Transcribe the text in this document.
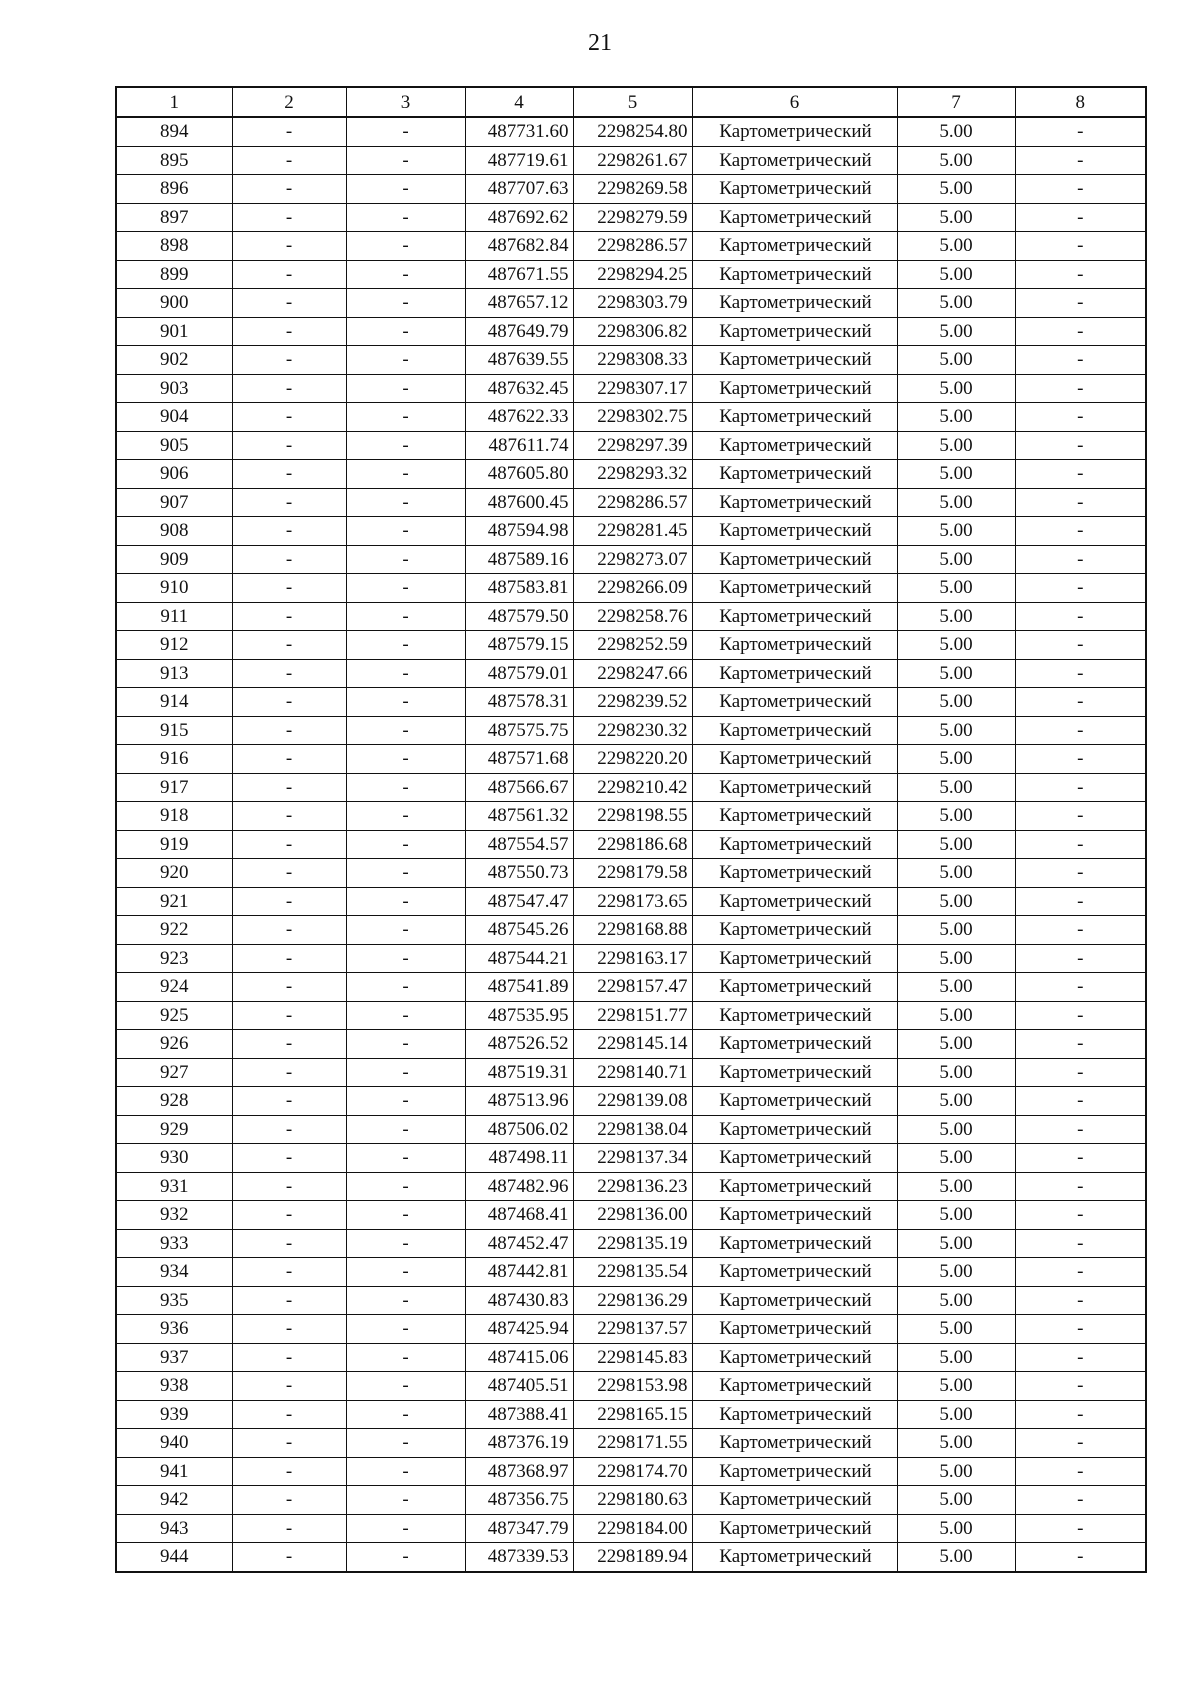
21
1	2	3	4	5	6	7	8
894	-	-	487731.60	2298254.80	Картометрический	5.00	-
895	-	-	487719.61	2298261.67	Картометрический	5.00	-
896	-	-	487707.63	2298269.58	Картометрический	5.00	-
897	-	-	487692.62	2298279.59	Картометрический	5.00	-
898	-	-	487682.84	2298286.57	Картометрический	5.00	-
899	-	-	487671.55	2298294.25	Картометрический	5.00	-
900	-	-	487657.12	2298303.79	Картометрический	5.00	-
901	-	-	487649.79	2298306.82	Картометрический	5.00	-
902	-	-	487639.55	2298308.33	Картометрический	5.00	-
903	-	-	487632.45	2298307.17	Картометрический	5.00	-
904	-	-	487622.33	2298302.75	Картометрический	5.00	-
905	-	-	487611.74	2298297.39	Картометрический	5.00	-
906	-	-	487605.80	2298293.32	Картометрический	5.00	-
907	-	-	487600.45	2298286.57	Картометрический	5.00	-
908	-	-	487594.98	2298281.45	Картометрический	5.00	-
909	-	-	487589.16	2298273.07	Картометрический	5.00	-
910	-	-	487583.81	2298266.09	Картометрический	5.00	-
911	-	-	487579.50	2298258.76	Картометрический	5.00	-
912	-	-	487579.15	2298252.59	Картометрический	5.00	-
913	-	-	487579.01	2298247.66	Картометрический	5.00	-
914	-	-	487578.31	2298239.52	Картометрический	5.00	-
915	-	-	487575.75	2298230.32	Картометрический	5.00	-
916	-	-	487571.68	2298220.20	Картометрический	5.00	-
917	-	-	487566.67	2298210.42	Картометрический	5.00	-
918	-	-	487561.32	2298198.55	Картометрический	5.00	-
919	-	-	487554.57	2298186.68	Картометрический	5.00	-
920	-	-	487550.73	2298179.58	Картометрический	5.00	-
921	-	-	487547.47	2298173.65	Картометрический	5.00	-
922	-	-	487545.26	2298168.88	Картометрический	5.00	-
923	-	-	487544.21	2298163.17	Картометрический	5.00	-
924	-	-	487541.89	2298157.47	Картометрический	5.00	-
925	-	-	487535.95	2298151.77	Картометрический	5.00	-
926	-	-	487526.52	2298145.14	Картометрический	5.00	-
927	-	-	487519.31	2298140.71	Картометрический	5.00	-
928	-	-	487513.96	2298139.08	Картометрический	5.00	-
929	-	-	487506.02	2298138.04	Картометрический	5.00	-
930	-	-	487498.11	2298137.34	Картометрический	5.00	-
931	-	-	487482.96	2298136.23	Картометрический	5.00	-
932	-	-	487468.41	2298136.00	Картометрический	5.00	-
933	-	-	487452.47	2298135.19	Картометрический	5.00	-
934	-	-	487442.81	2298135.54	Картометрический	5.00	-
935	-	-	487430.83	2298136.29	Картометрический	5.00	-
936	-	-	487425.94	2298137.57	Картометрический	5.00	-
937	-	-	487415.06	2298145.83	Картометрический	5.00	-
938	-	-	487405.51	2298153.98	Картометрический	5.00	-
939	-	-	487388.41	2298165.15	Картометрический	5.00	-
940	-	-	487376.19	2298171.55	Картометрический	5.00	-
941	-	-	487368.97	2298174.70	Картометрический	5.00	-
942	-	-	487356.75	2298180.63	Картометрический	5.00	-
943	-	-	487347.79	2298184.00	Картометрический	5.00	-
944	-	-	487339.53	2298189.94	Картометрический	5.00	-
